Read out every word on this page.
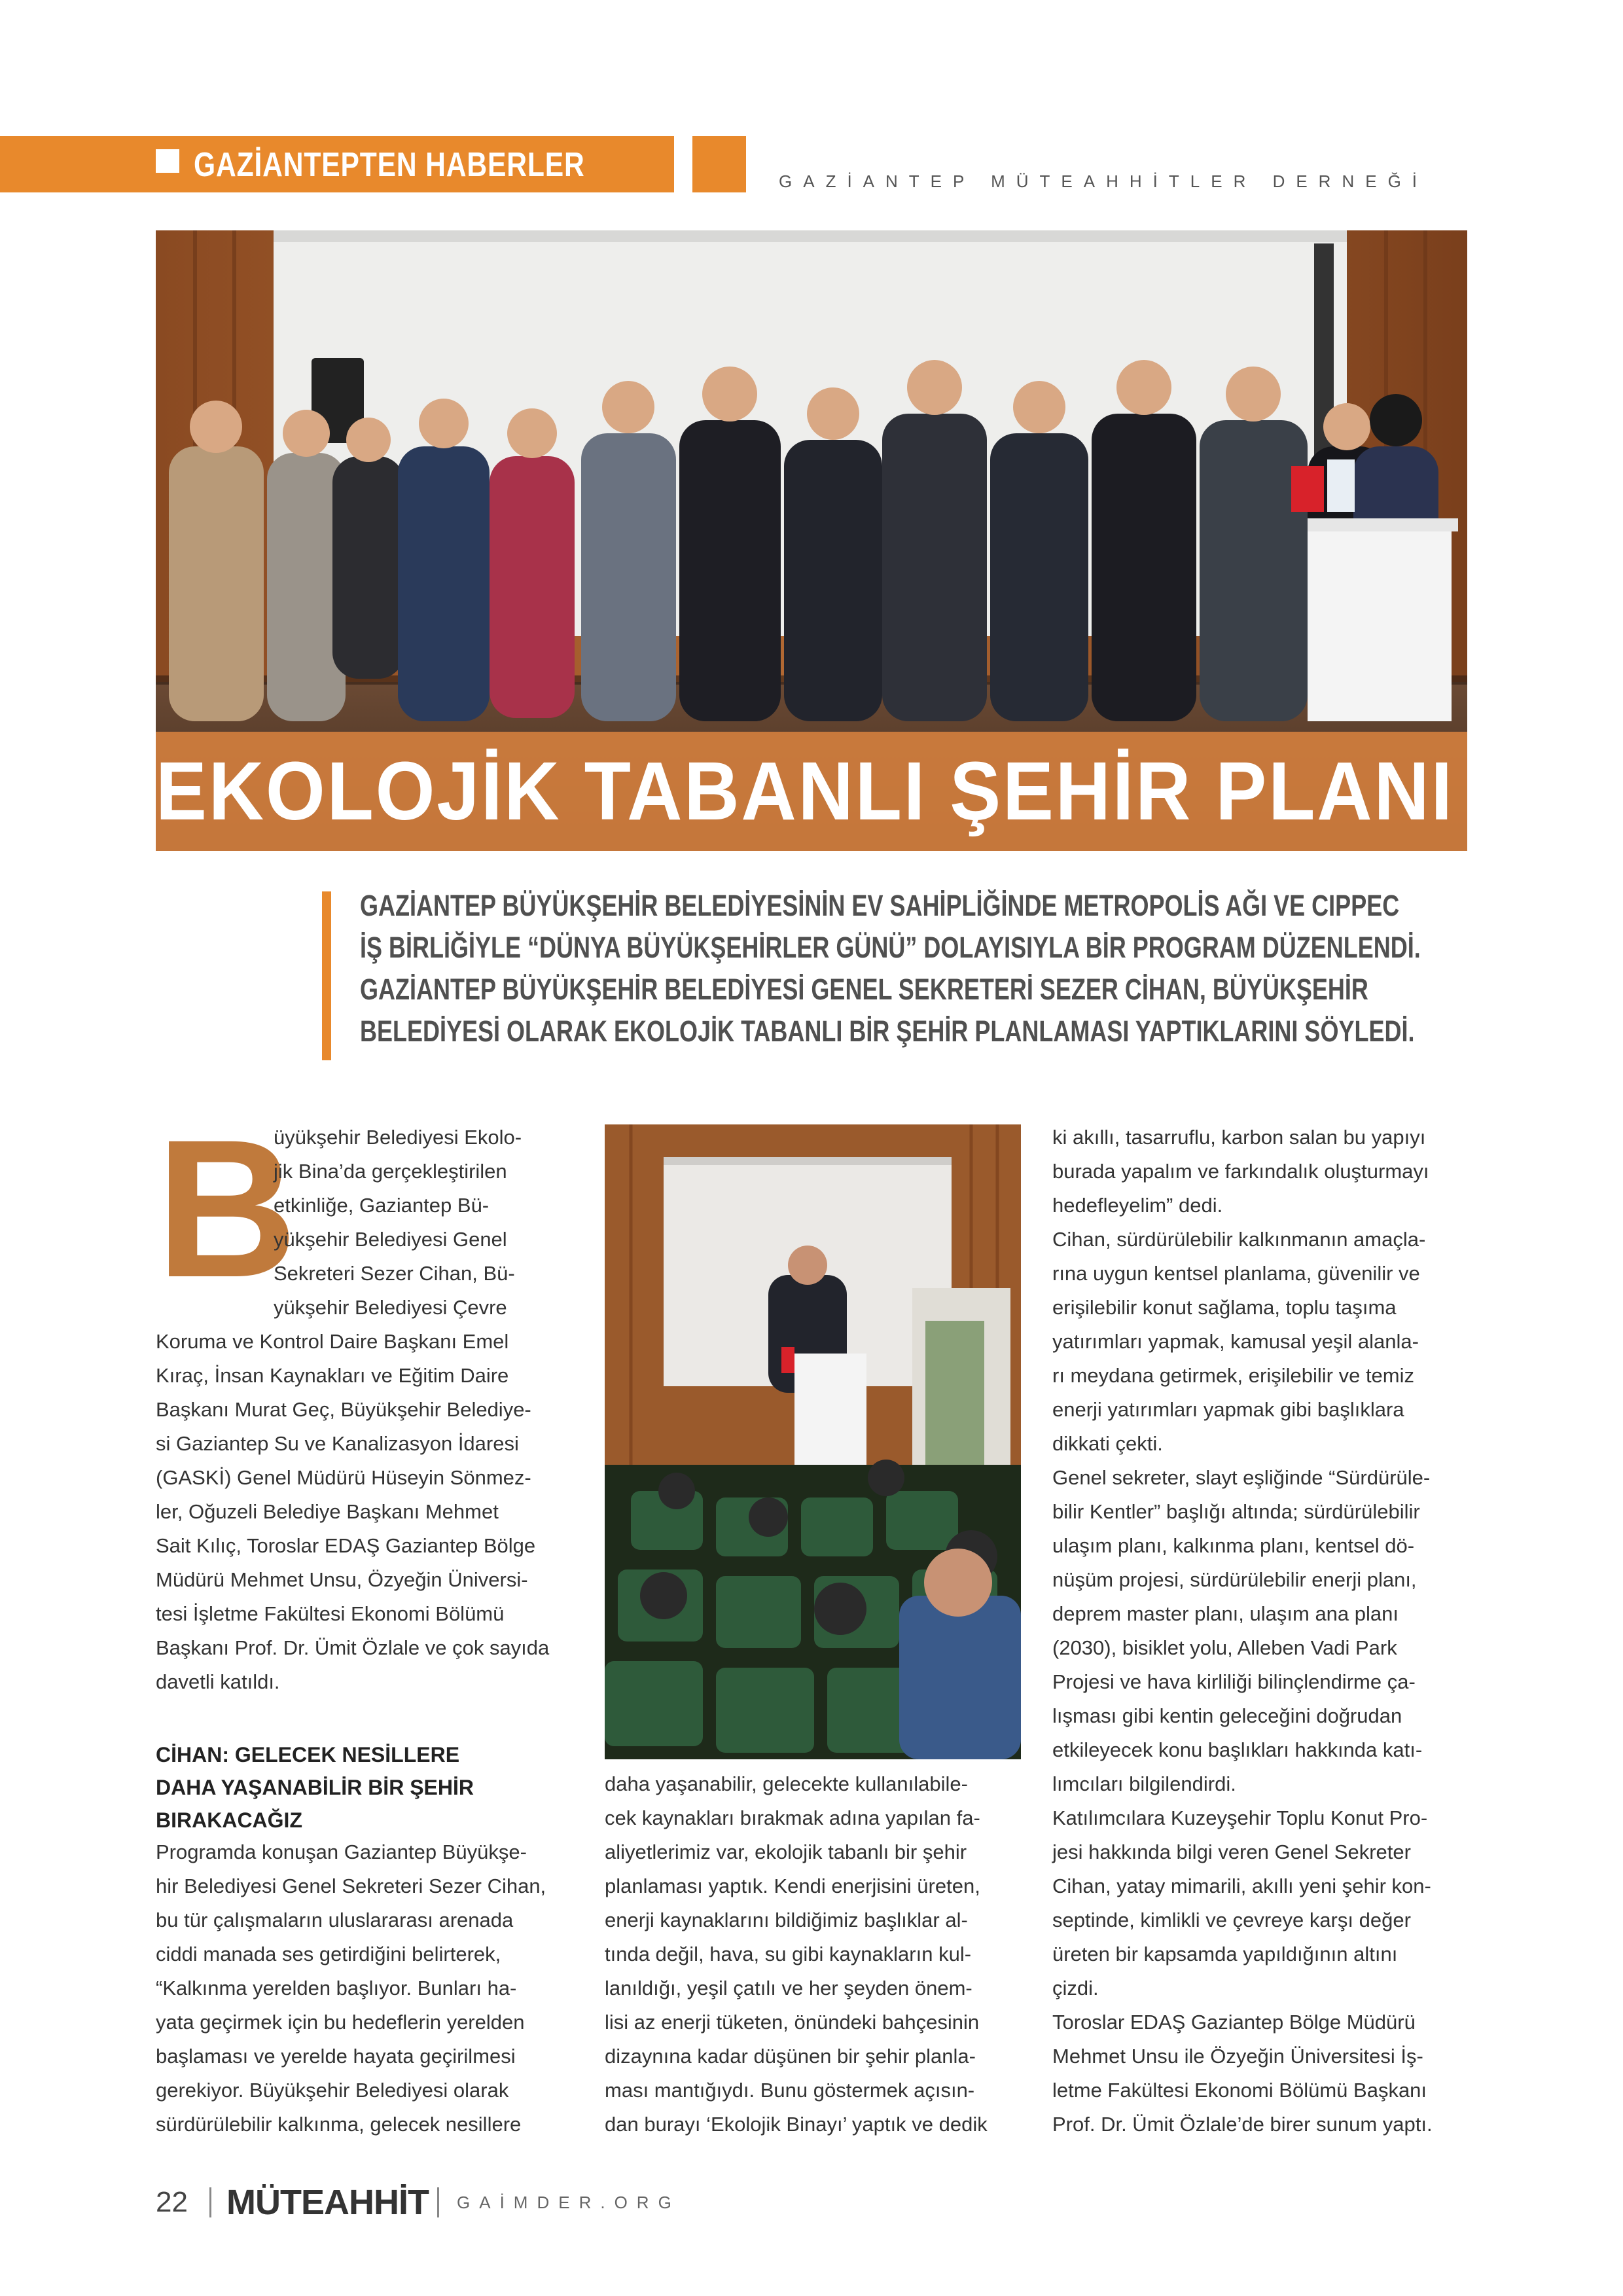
GAZİANTEPTEN HABERLER	GAZİANTEP MÜTEAHHİTLER DERNEĞİ
EKOLOJİK TABANLI ŞEHİR PLANI
GAZİANTEP BÜYÜKŞEHİR BELEDİYESİNİN EV SAHİPLİĞİNDE METROPOLİS AĞI VE CIPPEC
İŞ BİRLİĞİYLE “DÜNYA BÜYÜKŞEHİRLER GÜNÜ” DOLAYISIYLA BİR PROGRAM DÜZENLENDİ.
GAZİANTEP BÜYÜKŞEHİR BELEDİYESİ GENEL SEKRETERİ SEZER CİHAN, BÜYÜKŞEHİR
BELEDİYESİ OLARAK EKOLOJİK TABANLI BİR ŞEHİR PLANLAMASI YAPTIKLARINI SÖYLEDİ.
B
üyükşehir Belediyesi Ekolo-
jik Bina’da gerçekleştirilen
etkinliğe, Gaziantep Bü-
yükşehir Belediyesi Genel
Sekreteri Sezer Cihan, Bü-
yükşehir Belediyesi Çevre
Koruma ve Kontrol Daire Başkanı Emel
Kıraç, İnsan Kaynakları ve Eğitim Daire
Başkanı Murat Geç, Büyükşehir Belediye-
si Gaziantep Su ve Kanalizasyon İdaresi
(GASKİ) Genel Müdürü Hüseyin Sönmez-
ler, Oğuzeli Belediye Başkanı Mehmet
Sait Kılıç, Toroslar EDAŞ Gaziantep Bölge
Müdürü Mehmet Unsu, Özyeğin Üniversi-
tesi İşletme Fakültesi Ekonomi Bölümü
Başkanı Prof. Dr. Ümit Özlale ve çok sayıda
davetli katıldı.
CİHAN: GELECEK NESİLLERE
DAHA YAŞANABİLİR BİR ŞEHİR
BIRAKACAĞIZ
Programda konuşan Gaziantep Büyükşe-
hir Belediyesi Genel Sekreteri Sezer Cihan,
bu tür çalışmaların uluslararası arenada
ciddi manada ses getirdiğini belirterek,
“Kalkınma yerelden başlıyor. Bunları ha-
yata geçirmek için bu hedeflerin yerelden
başlaması ve yerelde hayata geçirilmesi
gerekiyor. Büyükşehir Belediyesi olarak
sürdürülebilir kalkınma, gelecek nesillere
daha yaşanabilir, gelecekte kullanılabile-
cek kaynakları bırakmak adına yapılan fa-
aliyetlerimiz var, ekolojik tabanlı bir şehir
planlaması yaptık. Kendi enerjisini üreten,
enerji kaynaklarını bildiğimiz başlıklar al-
tında değil, hava, su gibi kaynakların kul-
lanıldığı, yeşil çatılı ve her şeyden önem-
lisi az enerji tüketen, önündeki bahçesinin
dizaynına kadar düşünen bir şehir planla-
ması mantığıydı. Bunu göstermek açısın-
dan burayı ‘Ekolojik Binayı’ yaptık ve dedik
ki akıllı, tasarruflu, karbon salan bu yapıyı
burada yapalım ve farkındalık oluşturmayı
hedefleyelim” dedi.
Cihan, sürdürülebilir kalkınmanın amaçla-
rına uygun kentsel planlama, güvenilir ve
erişilebilir konut sağlama, toplu taşıma
yatırımları yapmak, kamusal yeşil alanla-
rı meydana getirmek, erişilebilir ve temiz
enerji yatırımları yapmak gibi başlıklara
dikkati çekti.
Genel sekreter, slayt eşliğinde “Sürdürüle-
bilir Kentler” başlığı altında; sürdürülebilir
ulaşım planı, kalkınma planı, kentsel dö-
nüşüm projesi, sürdürülebilir enerji planı,
deprem master planı, ulaşım ana planı
(2030), bisiklet yolu, Alleben Vadi Park
Projesi ve hava kirliliği bilinçlendirme ça-
lışması gibi kentin geleceğini doğrudan
etkileyecek konu başlıkları hakkında katı-
lımcıları bilgilendirdi.
Katılımcılara Kuzeyşehir Toplu Konut Pro-
jesi hakkında bilgi veren Genel Sekreter
Cihan, yatay mimarili, akıllı yeni şehir kon-
septinde, kimlikli ve çevreye karşı değer
üreten bir kapsamda yapıldığının altını
çizdi.
Toroslar EDAŞ Gaziantep Bölge Müdürü
Mehmet Unsu ile Özyeğin Üniversitesi İş-
letme Fakültesi Ekonomi Bölümü Başkanı
Prof. Dr. Ümit Özlale’de birer sunum yaptı.
22 MÜTEAHHİT GAİMDER.ORG
